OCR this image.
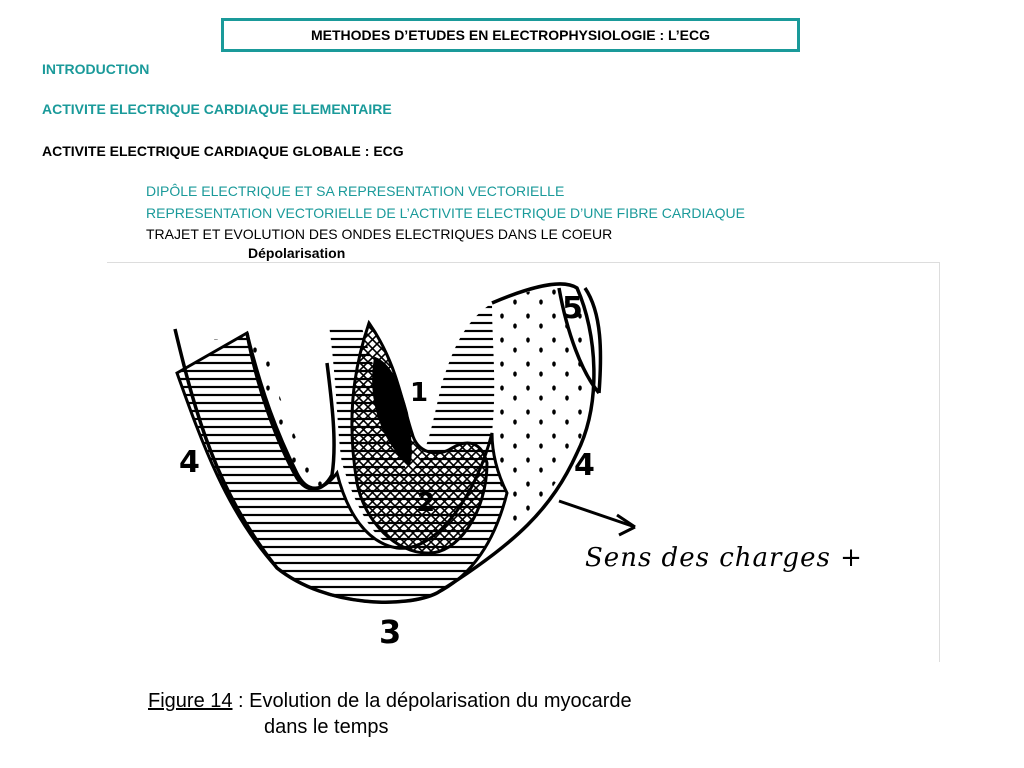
METHODES D’ETUDES EN ELECTROPHYSIOLOGIE : L’ECG
INTRODUCTION
ACTIVITE ELECTRIQUE CARDIAQUE ELEMENTAIRE
ACTIVITE ELECTRIQUE CARDIAQUE GLOBALE : ECG
DIPÔLE ELECTRIQUE ET SA REPRESENTATION VECTORIELLE
REPRESENTATION VECTORIELLE DE L’ACTIVITE ELECTRIQUE D’UNE FIBRE CARDIAQUE
TRAJET ET EVOLUTION DES ONDES ELECTRIQUES DANS LE COEUR
Dépolarisation
1
2
3
4	4
5
Sens des charges +
Figure 14 : Evolution de la dépolarisation du myocarde
dans le temps
